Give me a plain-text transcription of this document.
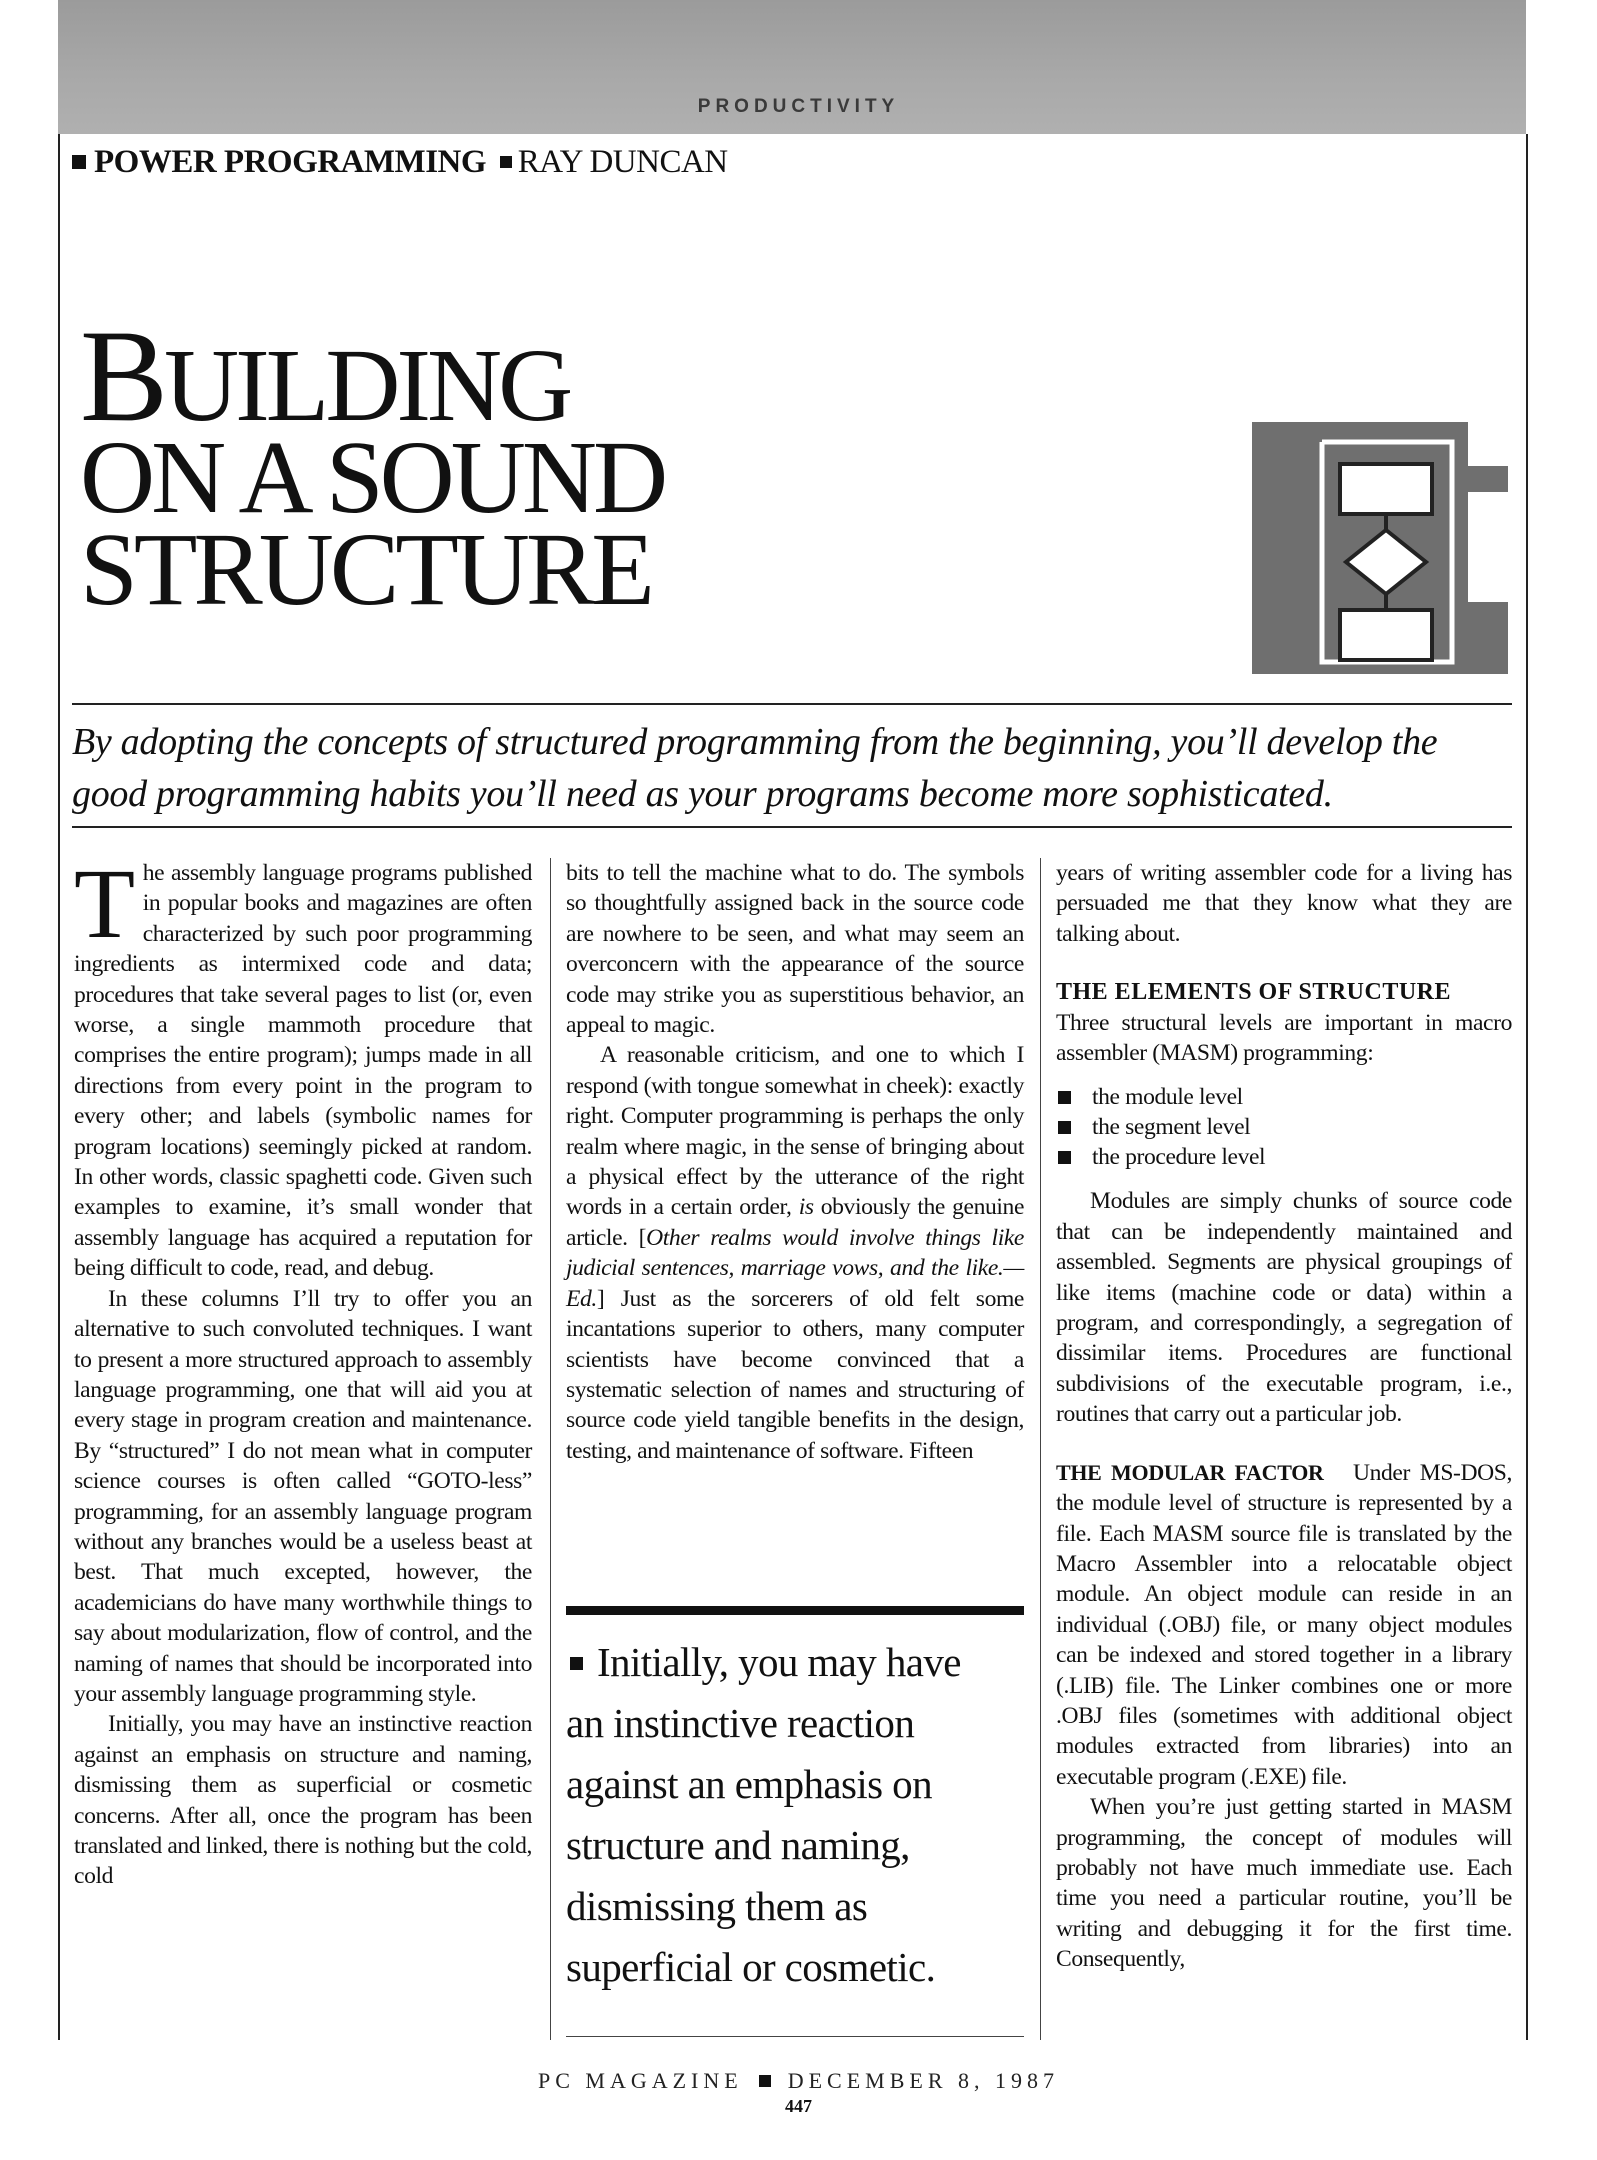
PRODUCTIVITY
POWER PROGRAMMING RAY DUNCAN
BUILDING
ON A SOUND
STRUCTURE
By adopting the concepts of structured programming from the beginning, you’ll develop the
good programming habits you’ll need as your programs become more sophisticated.

The assembly language programs published in popular books and magazines are often characterized by such poor programming ingredients as intermixed code and data; procedures that take several pages to list (or, even worse, a single mammoth procedure that comprises the entire program); jumps made in all directions from every point in the program to every other; and labels (symbolic names for program locations) seemingly picked at random. In other words, classic spaghetti code. Given such examples to examine, it’s small wonder that assembly language has acquired a reputation for being difficult to code, read, and debug.

In these columns I’ll try to offer you an alternative to such convoluted techniques. I want to present a more structured approach to assembly language programming, one that will aid you at every stage in program creation and maintenance. By “structured” I do not mean what in computer science courses is often called “GOTO-less” programming, for an assembly language program without any branches would be a useless beast at best. That much excepted, however, the academicians do have many worthwhile things to say about modularization, flow of control, and the naming of names that should be incorporated into your assembly language programming style.

Initially, you may have an instinctive reaction against an emphasis on structure and naming, dismissing them as superficial or cosmetic concerns. After all, once the program has been translated and linked, there is nothing but the cold, cold

bits to tell the machine what to do. The symbols so thoughtfully assigned back in the source code are nowhere to be seen, and what may seem an overconcern with the appearance of the source code may strike you as superstitious behavior, an appeal to magic.

A reasonable criticism, and one to which I respond (with tongue somewhat in cheek): exactly right. Computer programming is perhaps the only realm where magic, in the sense of bringing about a physical effect by the utterance of the right words in a certain order, is obviously the genuine article. [Other realms would involve things like judicial sentences, marriage vows, and the like.—Ed.] Just as the sorcerers of old felt some incantations superior to others, many computer scientists have become convinced that a systematic selection of names and structuring of source code yield tangible benefits in the design, testing, and maintenance of software. Fifteen

Initially, you may have
an instinctive reaction
against an emphasis on
structure and naming,
dismissing them as
superficial or cosmetic.

years of writing assembler code for a living has persuaded me that they know what they are talking about.

THE ELEMENTS OF STRUCTURE

Three structural levels are important in macro assembler (MASM) programming:

the module level
the segment level
the procedure level

Modules are simply chunks of source code that can be independently maintained and assembled. Segments are physical groupings of like items (machine code or data) within a program, and correspondingly, a segregation of dissimilar items. Procedures are functional subdivisions of the executable program, i.e., routines that carry out a particular job.

THE MODULAR FACTOR Under MS-DOS, the module level of structure is represented by a file. Each MASM source file is translated by the Macro Assembler into a relocatable object module. An object module can reside in an individual (.OBJ) file, or many object modules can be indexed and stored together in a library (.LIB) file. The Linker combines one or more .OBJ files (sometimes with additional object modules extracted from libraries) into an executable program (.EXE) file.

When you’re just getting started in MASM programming, the concept of modules will probably not have much immediate use. Each time you need a particular routine, you’ll be writing and debugging it for the first time. Consequently,

PC MAGAZINE DECEMBER 8, 1987
447
